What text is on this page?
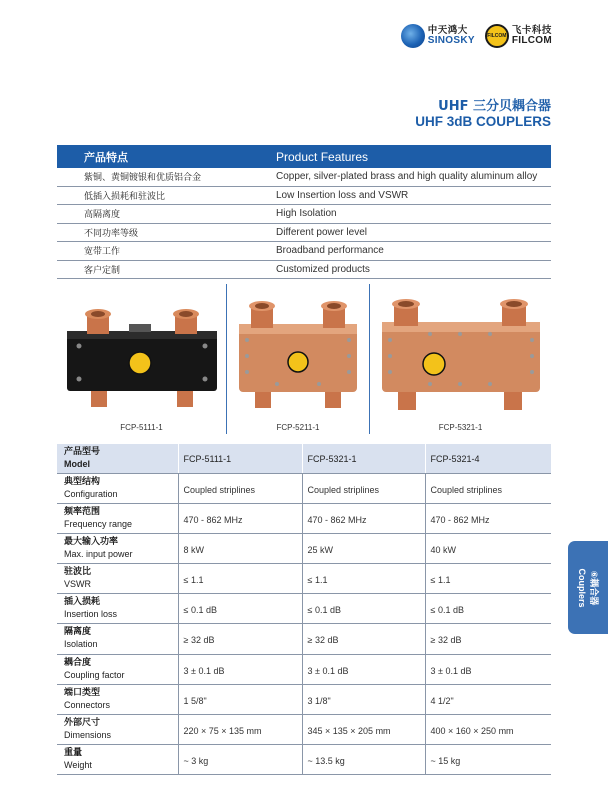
中天鸿大
SINOSKY FILCOM
飞卡科技
FILCOM
UHF 三分贝耦合器
UHF 3dB COUPLERS
产品特点	Product Features
紫铜、黄铜镀银和优质铝合金	Copper, silver-plated brass and high quality aluminum alloy
低插入损耗和驻波比	Low Insertion loss and VSWR
高隔离度	High Isolation
不同功率等级	Different power level
宽带工作	Broadband performance
客户定制	Customized products
FCP-5111-1	FCP-5211-1	FCP-5321-1
产品型号
Model	FCP-5111-1	FCP-5321-1	FCP-5321-4

典型结构
Configuration	Coupled striplines	Coupled striplines	Coupled striplines

频率范围
Frequency range	470 - 862 MHz	470 - 862 MHz	470 - 862 MHz

最大输入功率
Max. input power	8 kW	25 kW	40 kW

驻波比
VSWR	≤ 1.1	≤ 1.1	≤ 1.1

插入损耗
Insertion loss	≤ 0.1 dB	≤ 0.1 dB	≤ 0.1 dB

隔离度
Isolation	≥ 32 dB	≥ 32 dB	≥ 32 dB

耦合度
Coupling factor	3 ± 0.1 dB	3 ± 0.1 dB	3 ± 0.1 dB

端口类型
Connectors	1 5/8"	3 1/8"	4 1/2"

外部尺寸
Dimensions	220 × 75 × 135 mm	345 × 135 × 205 mm	400 × 160 × 250 mm

重量
Weight	~ 3 kg	~ 13.5 kg	~ 15 kg
⑥耦合器
Couplers
